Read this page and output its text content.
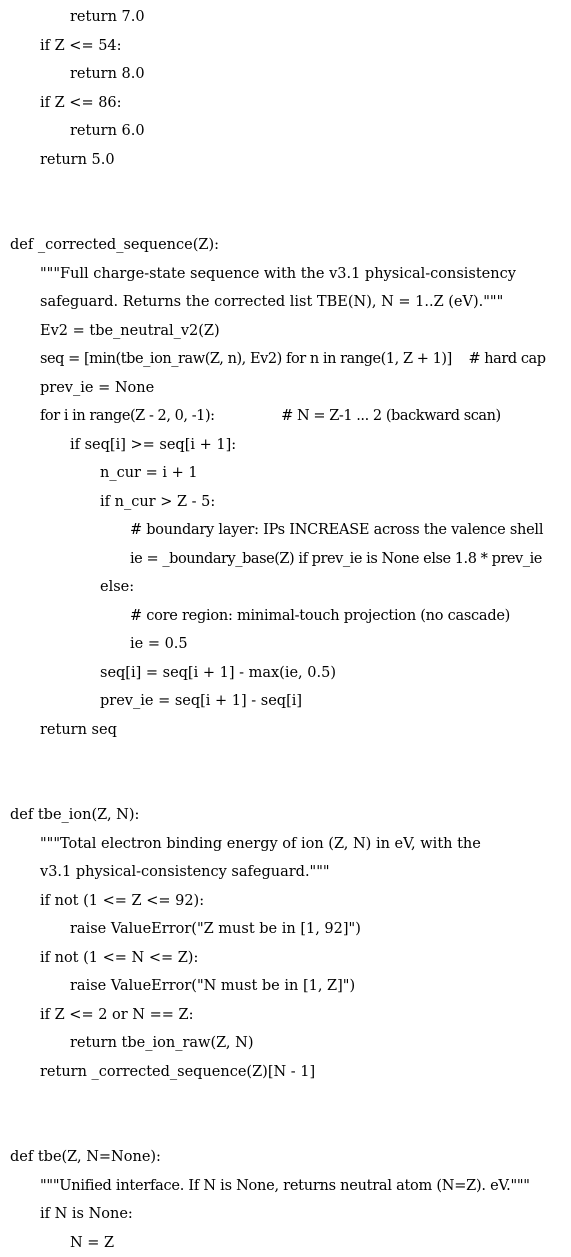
return 7.0
if Z <= 54:
return 8.0
if Z <= 86:
return 6.0
return 5.0
def _corrected_sequence(Z):
"""Full charge-state sequence with the v3.1 physical-consistency
safeguard. Returns the corrected list TBE(N), N = 1..Z (eV)."""
Ev2 = tbe_neutral_v2(Z)
seq = [min(tbe_ion_raw(Z, n), Ev2) for n in range(1, Z + 1)]    # hard cap
prev_ie = None
for i in range(Z - 2, 0, -1):                # N = Z-1 ... 2 (backward scan)
if seq[i] >= seq[i + 1]:
n_cur = i + 1
if n_cur > Z - 5:
# boundary layer: IPs INCREASE across the valence shell
ie = _boundary_base(Z) if prev_ie is None else 1.8 * prev_ie
else:
# core region: minimal-touch projection (no cascade)
ie = 0.5
seq[i] = seq[i + 1] - max(ie, 0.5)
prev_ie = seq[i + 1] - seq[i]
return seq
def tbe_ion(Z, N):
"""Total electron binding energy of ion (Z, N) in eV, with the
v3.1 physical-consistency safeguard."""
if not (1 <= Z <= 92):
raise ValueError("Z must be in [1, 92]")
if not (1 <= N <= Z):
raise ValueError("N must be in [1, Z]")
if Z <= 2 or N == Z:
return tbe_ion_raw(Z, N)
return _corrected_sequence(Z)[N - 1]
def tbe(Z, N=None):
"""Unified interface. If N is None, returns neutral atom (N=Z). eV."""
if N is None:
N = Z
